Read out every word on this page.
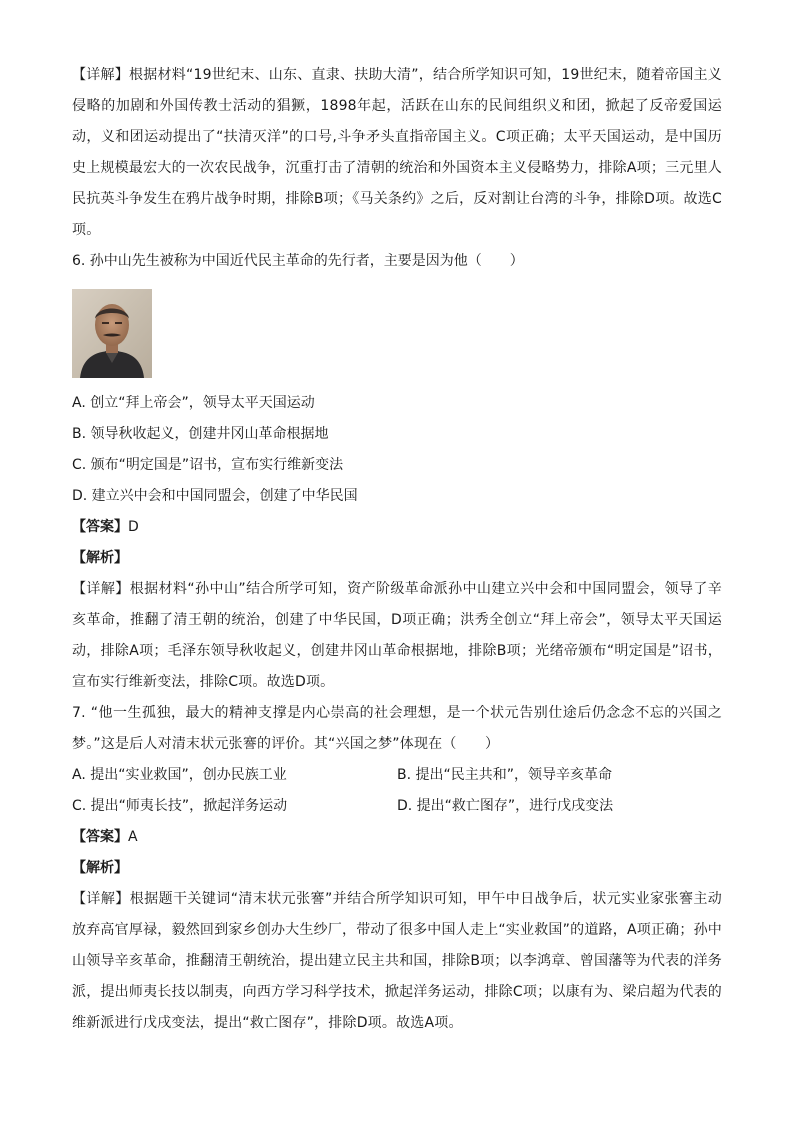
【详解】根据材料“19世纪末、山东、直隶、扶助大清”，结合所学知识可知，19世纪末，随着帝国主义侵略的加剧和外国传教士活动的猖獗，1898年起，活跃在山东的民间组织义和团，掀起了反帝爱国运动，义和团运动提出了“扶清灭洋”的口号,斗争矛头直指帝国主义。C项正确；太平天国运动，是中国历史上规模最宏大的一次农民战争，沉重打击了清朝的统治和外国资本主义侵略势力，排除A项；三元里人民抗英斗争发生在鸦片战争时期，排除B项；《马关条约》之后，反对割让台湾的斗争，排除D项。故选C项。

6. 孙中山先生被称为中国近代民主革命的先行者，主要是因为他（　　）

A. 创立“拜上帝会”，领导太平天国运动

B. 领导秋收起义，创建井冈山革命根据地

C. 颁布“明定国是”诏书，宣布实行维新变法

D. 建立兴中会和中国同盟会，创建了中华民国

【答案】D

【解析】

【详解】根据材料“孙中山”结合所学可知，资产阶级革命派孙中山建立兴中会和中国同盟会，领导了辛亥革命，推翻了清王朝的统治，创建了中华民国，D项正确；洪秀全创立“拜上帝会”，领导太平天国运动，排除A项；毛泽东领导秋收起义，创建井冈山革命根据地，排除B项；光绪帝颁布“明定国是”诏书，宣布实行维新变法，排除C项。故选D项。

7. “他一生孤独，最大的精神支撑是内心崇高的社会理想，是一个状元告别仕途后仍念念不忘的兴国之梦。”这是后人对清末状元张謇的评价。其“兴国之梦”体现在（　　）

A. 提出“实业救国”，创办民族工业	B. 提出“民主共和”，领导辛亥革命
C. 提出“师夷长技”，掀起洋务运动	D. 提出“救亡图存”，进行戊戌变法

【答案】A

【解析】

【详解】根据题干关键词“清末状元张謇”并结合所学知识可知，甲午中日战争后，状元实业家张謇主动放弃高官厚禄，毅然回到家乡创办大生纱厂，带动了很多中国人走上“实业救国”的道路，A项正确；孙中山领导辛亥革命，推翻清王朝统治，提出建立民主共和国，排除B项；以李鸿章、曾国藩等为代表的洋务派，提出师夷长技以制夷，向西方学习科学技术，掀起洋务运动，排除C项；以康有为、梁启超为代表的维新派进行戊戌变法，提出“救亡图存”，排除D项。故选A项。
